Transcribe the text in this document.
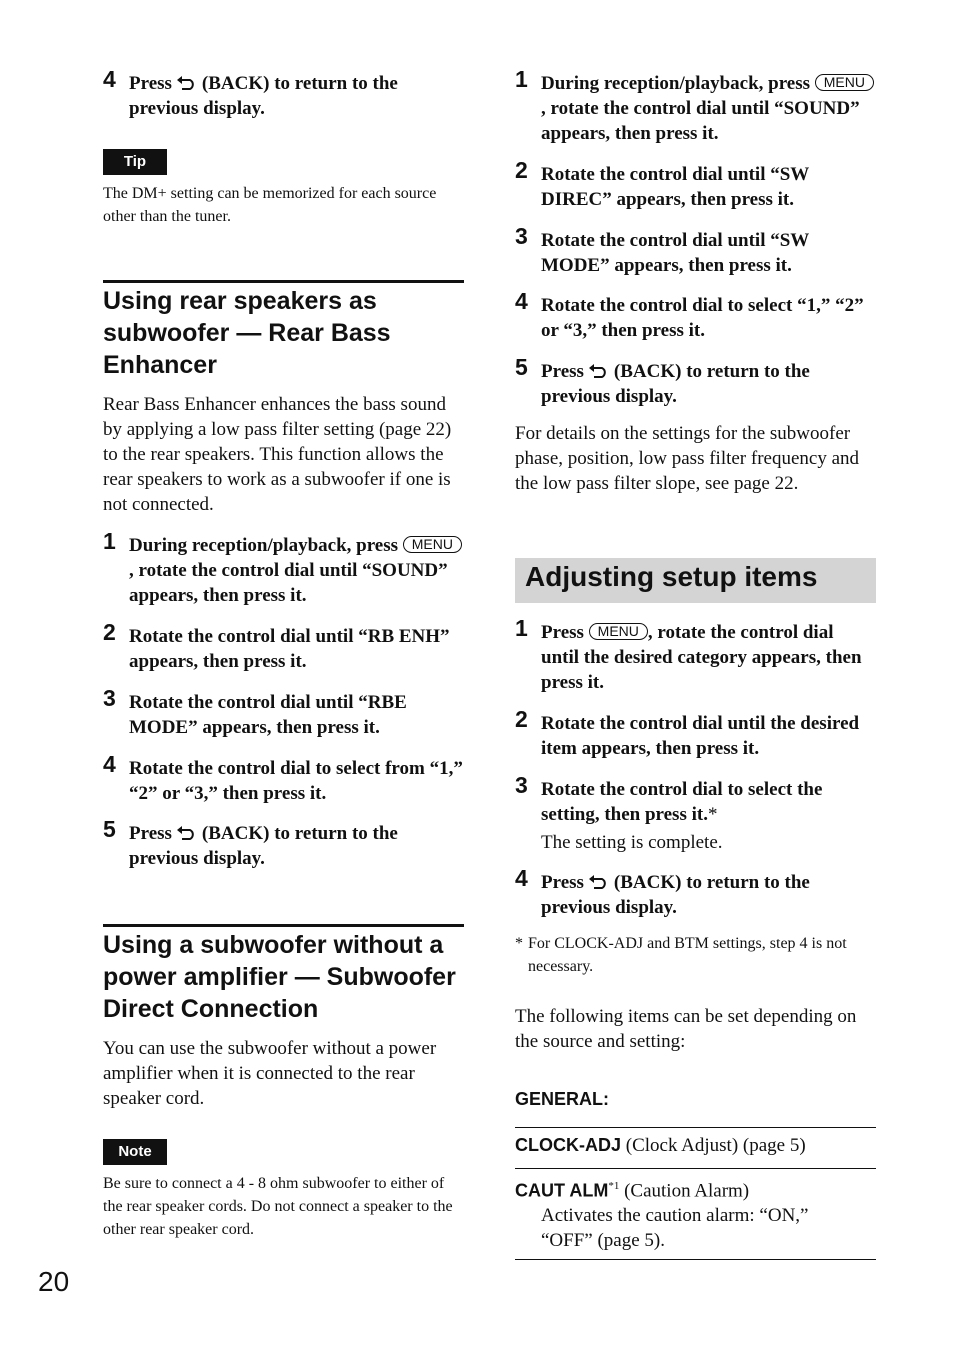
4 Press (BACK) to return to the previous display.
Tip
The DM+ setting can be memorized for each source other than the tuner.
Using rear speakers as subwoofer — Rear Bass Enhancer
Rear Bass Enhancer enhances the bass sound by applying a low pass filter setting (page 22) to the rear speakers. This function allows the rear speakers to work as a subwoofer if one is not connected.
1 During reception/playback, press MENU, rotate the control dial until “SOUND” appears, then press it.
2 Rotate the control dial until “RB ENH” appears, then press it.
3 Rotate the control dial until “RBE MODE” appears, then press it.
4 Rotate the control dial to select from “1,” “2” or “3,” then press it.
5 Press (BACK) to return to the previous display.
Using a subwoofer without a power amplifier — Subwoofer Direct Connection
You can use the subwoofer without a power amplifier when it is connected to the rear speaker cord.
Note
Be sure to connect a 4 - 8 ohm subwoofer to either of the rear speaker cords. Do not connect a speaker to the other rear speaker cord.
20
1 During reception/playback, press MENU, rotate the control dial until “SOUND” appears, then press it.
2 Rotate the control dial until “SW DIREC” appears, then press it.
3 Rotate the control dial until “SW MODE” appears, then press it.
4 Rotate the control dial to select “1,” “2” or “3,” then press it.
5 Press (BACK) to return to the previous display.
For details on the settings for the subwoofer phase, position, low pass filter frequency and the low pass filter slope, see page 22.
Adjusting setup items
1 Press MENU , rotate the control dial until the desired category appears, then press it.
2 Rotate the control dial until the desired item appears, then press it.
3 Rotate the control dial to select the setting, then press it.*
The setting is complete.
4 Press (BACK) to return to the previous display.
* For CLOCK-ADJ and BTM settings, step 4 is not necessary.
The following items can be set depending on the source and setting:
GENERAL:
CLOCK-ADJ (Clock Adjust) (page 5)
CAUT ALM$^{*1}$ (Caution Alarm)
Activates the caution alarm: “ON,” “OFF” (page 5).
